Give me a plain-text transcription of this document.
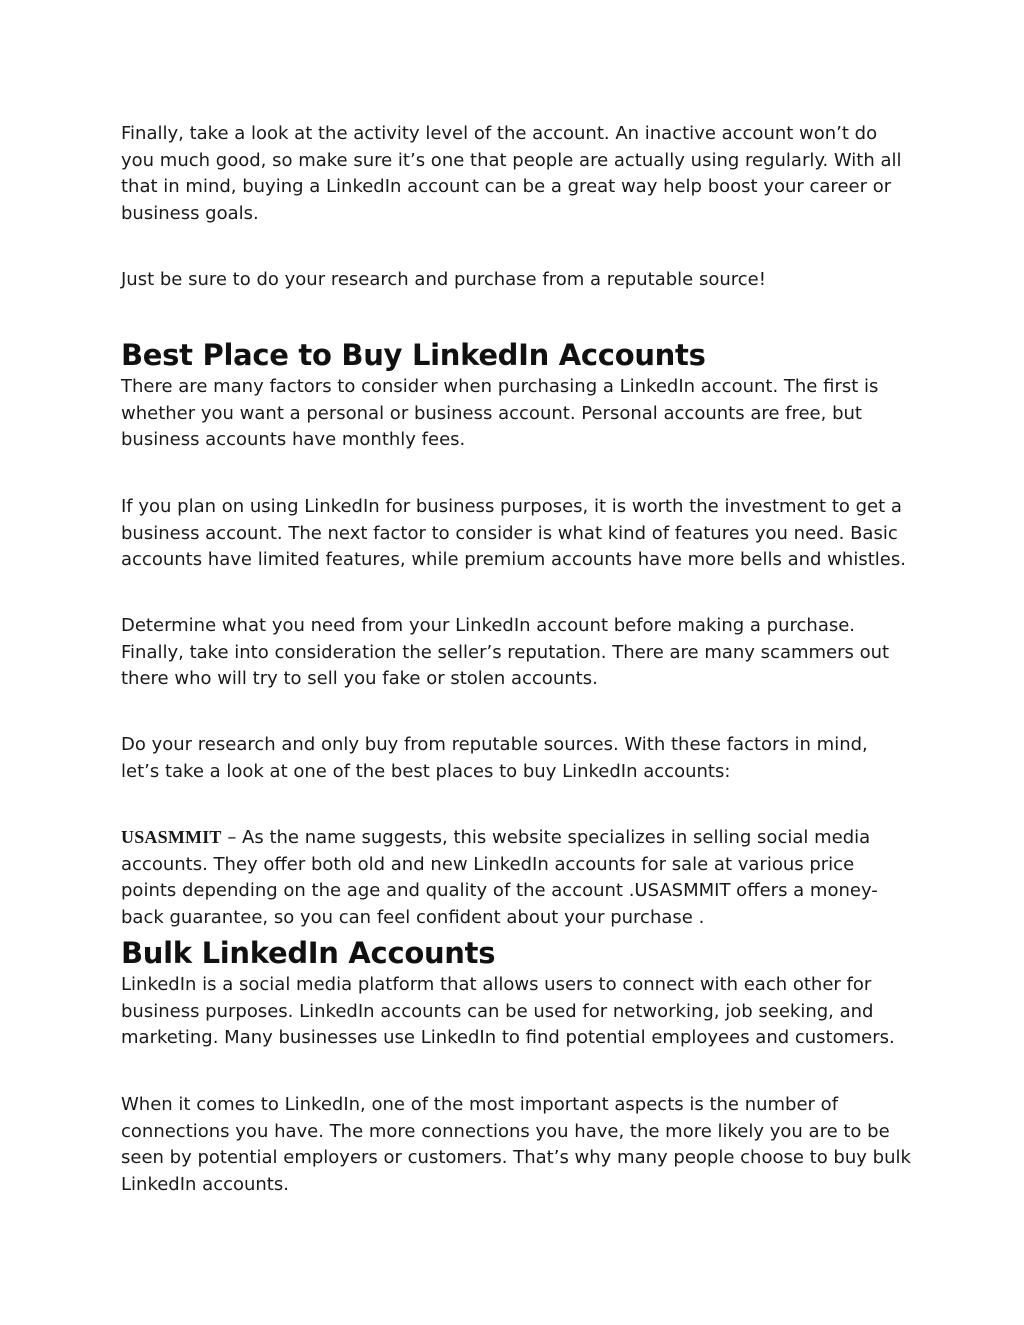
Finally, take a look at the activity level of the account. An inactive account won’t do you much good, so make sure it’s one that people are actually using regularly. With all that in mind, buying a LinkedIn account can be a great way help boost your career or business goals.

Just be sure to do your research and purchase from a reputable source!

Best Place to Buy LinkedIn Accounts

There are many factors to consider when purchasing a LinkedIn account. The first is whether you want a personal or business account. Personal accounts are free, but business accounts have monthly fees.

If you plan on using LinkedIn for business purposes, it is worth the investment to get a business account. The next factor to consider is what kind of features you need. Basic accounts have limited features, while premium accounts have more bells and whistles.

Determine what you need from your LinkedIn account before making a purchase. Finally, take into consideration the seller’s reputation. There are many scammers out there who will try to sell you fake or stolen accounts.

Do your research and only buy from reputable sources. With these factors in mind, let’s take a look at one of the best places to buy LinkedIn accounts:

USASMMIT – As the name suggests, this website specializes in selling social media accounts. They offer both old and new LinkedIn accounts for sale at various price points depending on the age and quality of the account .USASMMIT offers a money-back guarantee, so you can feel confident about your purchase .

Bulk LinkedIn Accounts

LinkedIn is a social media platform that allows users to connect with each other for business purposes. LinkedIn accounts can be used for networking, job seeking, and marketing. Many businesses use LinkedIn to find potential employees and customers.

When it comes to LinkedIn, one of the most important aspects is the number of connections you have. The more connections you have, the more likely you are to be seen by potential employers or customers. That’s why many people choose to buy bulk LinkedIn accounts.
